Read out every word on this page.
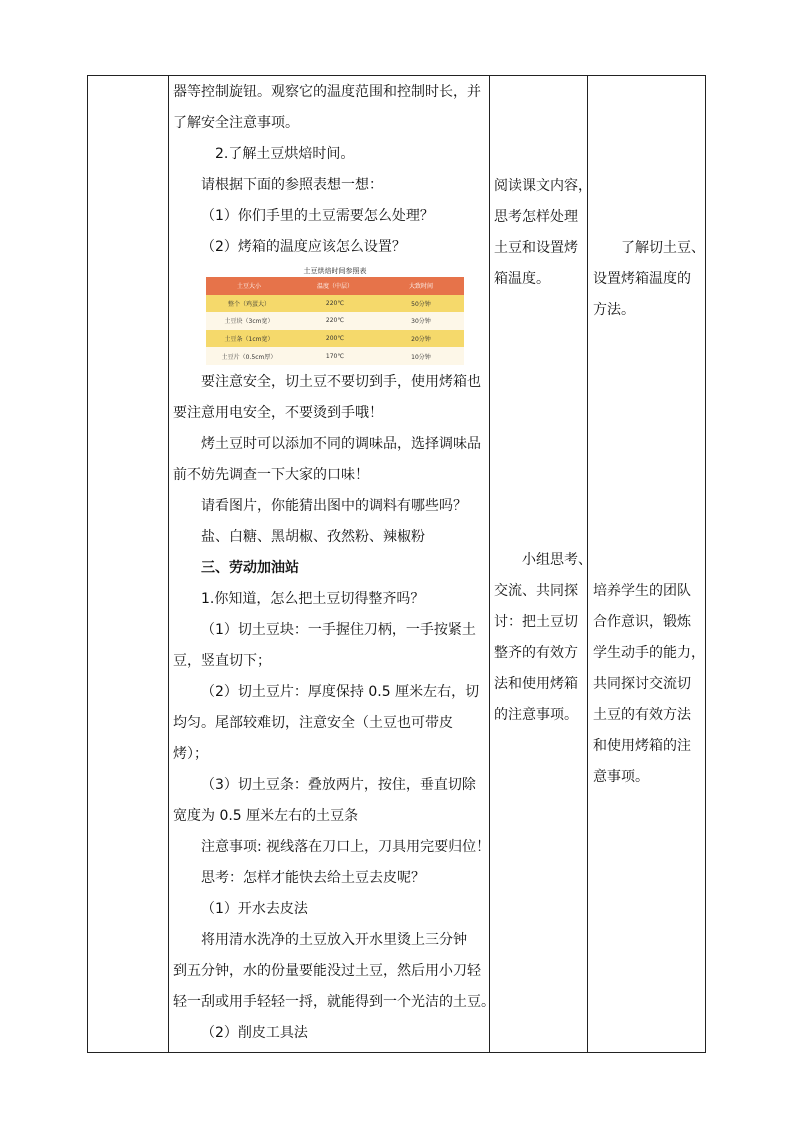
器等控制旋钮。观察它的温度范围和控制时长，并

了解安全注意事项。

2.了解土豆烘焙时间。

请根据下面的参照表想一想：

（1）你们手里的土豆需要怎么处理？

（2）烤箱的温度应该怎么设置？

土豆烘焙时间参照表
土豆大小	温度（中层）	大致时间
整个（鸡蛋大）	220℃	50分钟
土豆块（3cm宽）	220℃	30分钟
土豆条（1cm宽）	200℃	20分钟
土豆片（0.5cm厚）	170℃	10分钟

要注意安全，切土豆不要切到手，使用烤箱也

要注意用电安全，不要烫到手哦！

烤土豆时可以添加不同的调味品，选择调味品

前不妨先调查一下大家的口味！

请看图片，你能猜出图中的调料有哪些吗？

盐、白糖、黑胡椒、孜然粉、辣椒粉

三、劳动加油站

1.你知道，怎么把土豆切得整齐吗？

（1）切土豆块：一手握住刀柄，一手按紧土

豆，竖直切下；

（2）切土豆片：厚度保持 0.5 厘米左右，切

均匀。尾部较难切，注意安全（土豆也可带皮

烤）；

（3）切土豆条：叠放两片，按住，垂直切除

宽度为 0.5 厘米左右的土豆条

注意事项: 视线落在刀口上，刀具用完要归位！

思考：怎样才能快去给土豆去皮呢？

（1）开水去皮法

将用清水洗净的土豆放入开水里烫上三分钟

到五分钟，水的份量要能没过土豆，然后用小刀轻

轻一刮或用手轻轻一捋，就能得到一个光洁的土豆。

（2）削皮工具法

阅读课文内容，

思考怎样处理

土豆和设置烤

箱温度。

小组思考、

交流、共同探

讨：把土豆切

整齐的有效方

法和使用烤箱

的注意事项。

了解切土豆、

设置烤箱温度的

方法。

培养学生的团队

合作意识，锻炼

学生动手的能力，

共同探讨交流切

土豆的有效方法

和使用烤箱的注

意事项。
